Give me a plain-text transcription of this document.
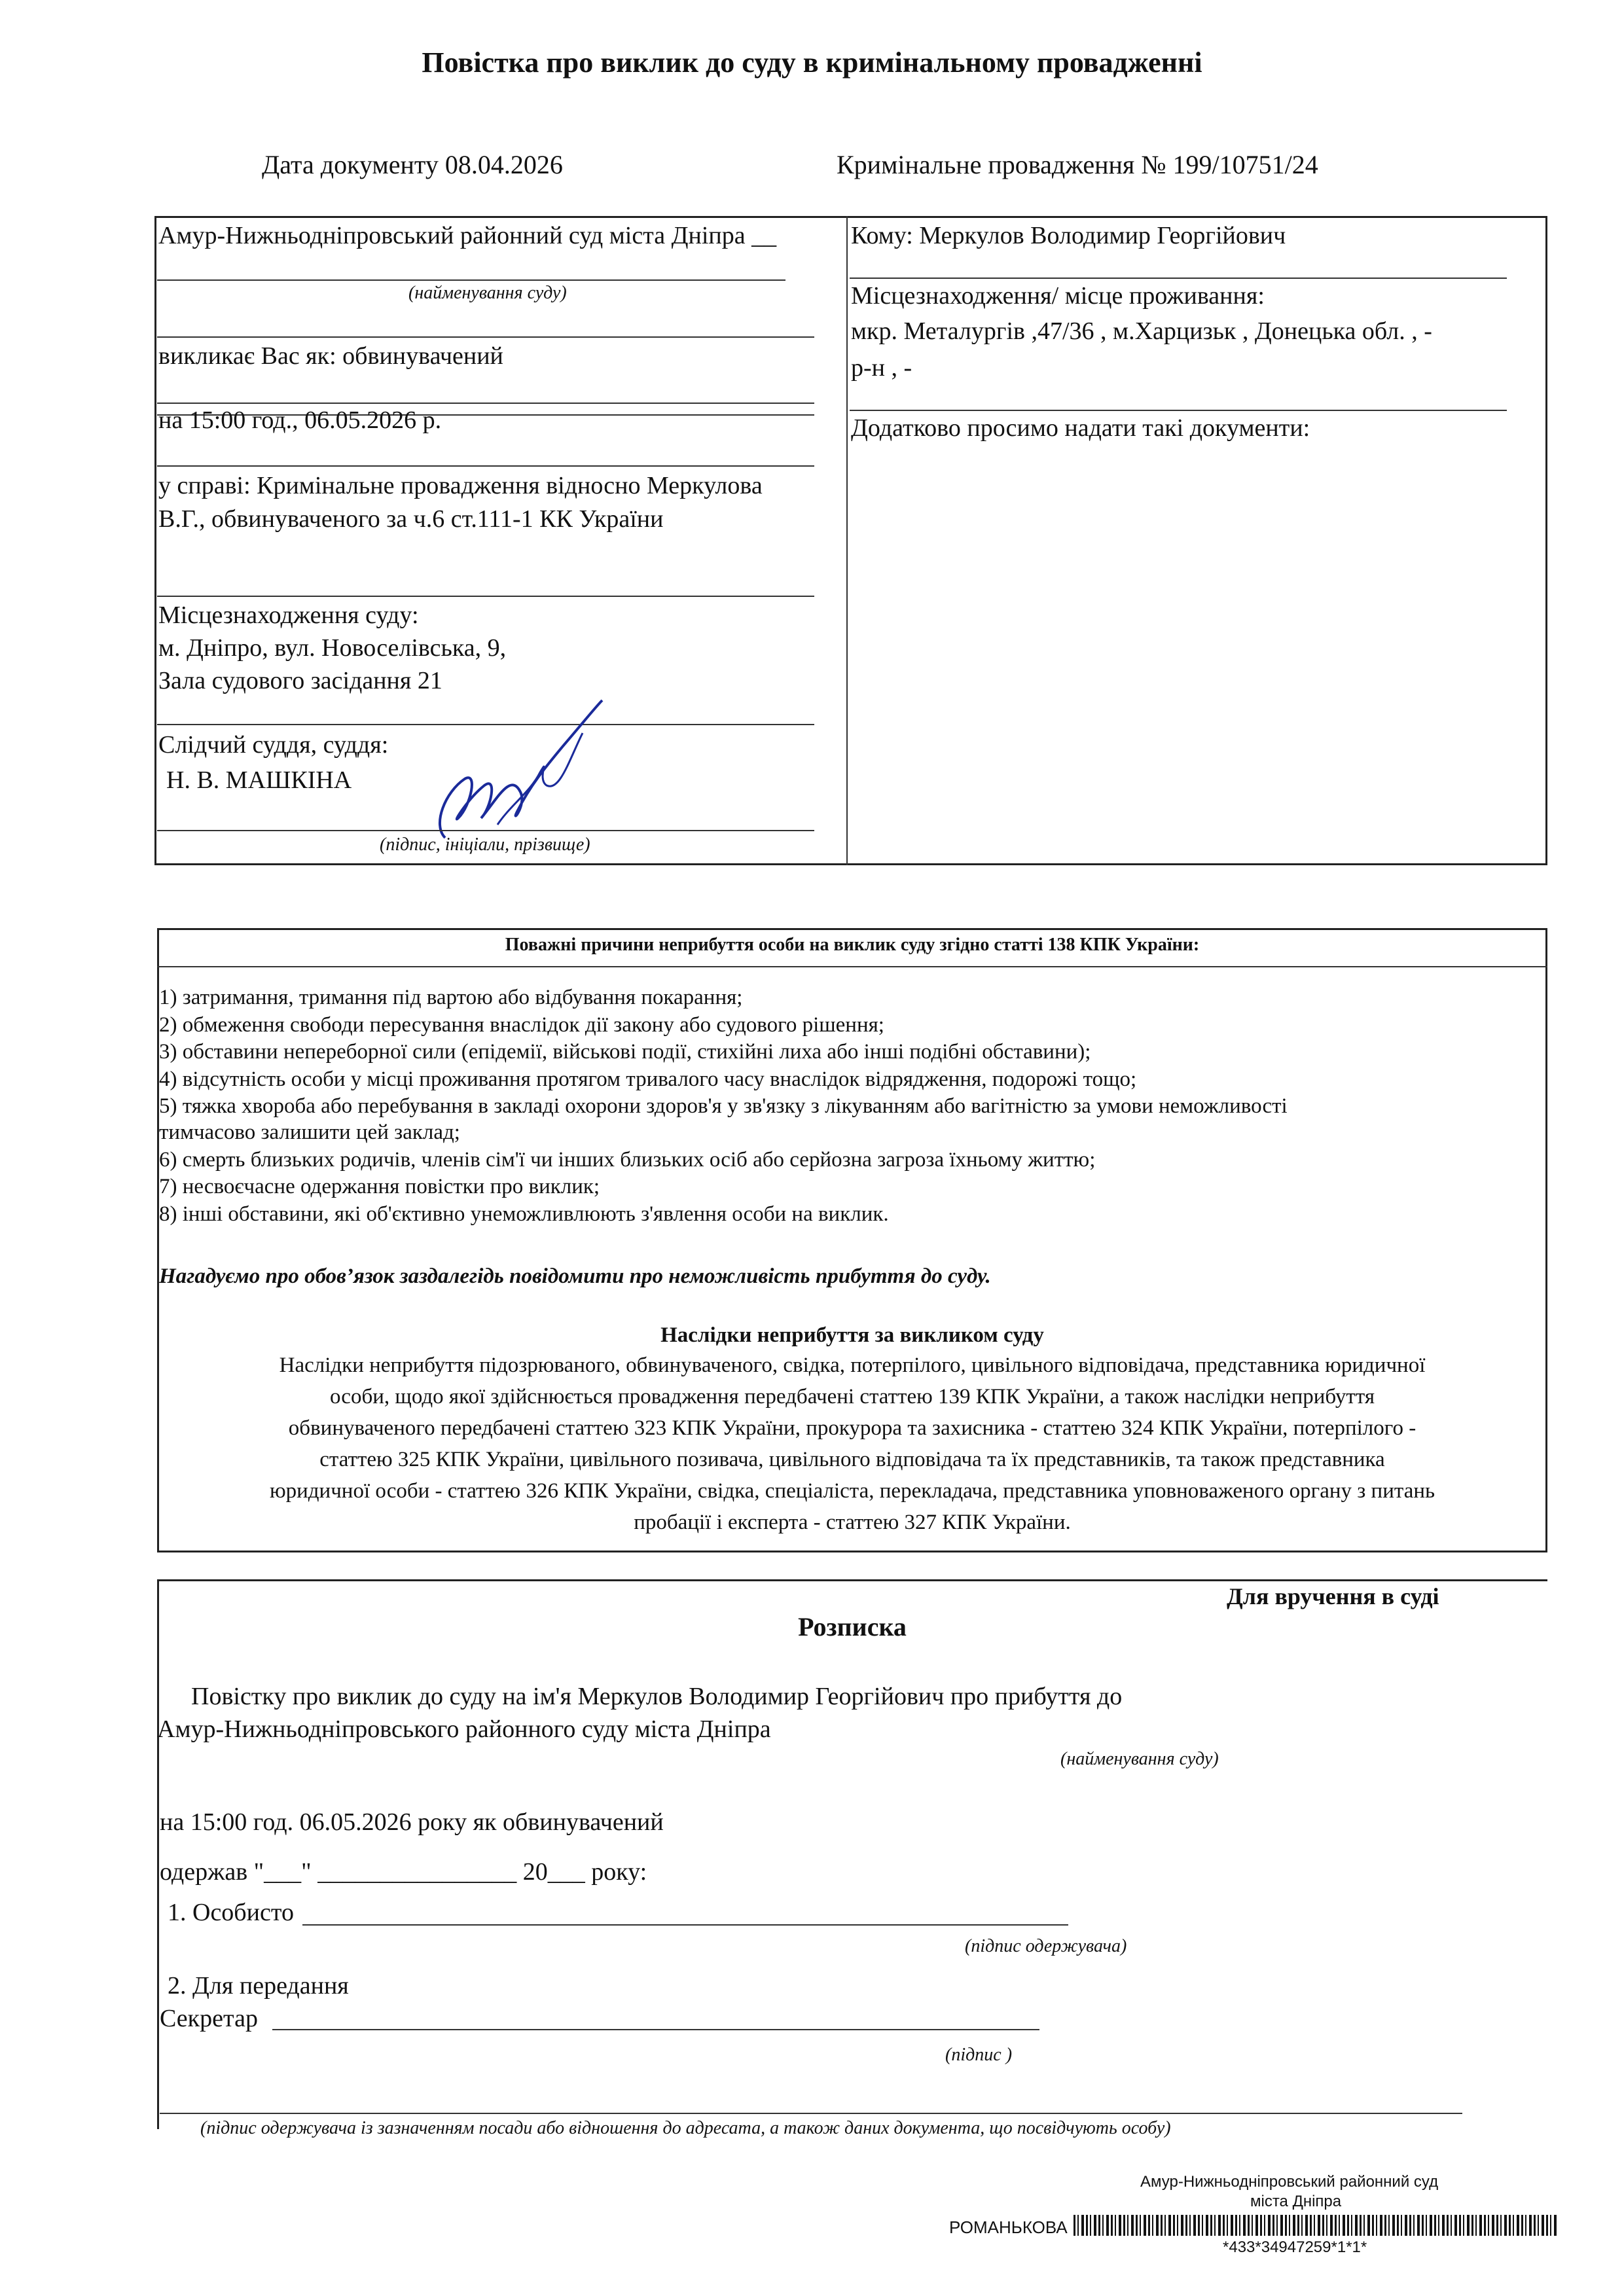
Повістка про виклик до суду в кримінальному провадженні
Дата документу 08.04.2026	Кримінальне провадження № 199/10751/24
Амур-Нижньодніпровський районний суд міста Дніпра __
(найменування суду)
викликає Вас як: обвинувачений
на 15:00 год., 06.05.2026 р.
у справі: Кримінальне провадження відносно Меркулова
В.Г., обвинуваченого за ч.6 ст.111-1 КК України
Місцезнаходження суду:
м. Дніпро, вул. Новоселівська, 9,
Зала судового засідання 21
Слідчий суддя, суддя:
Н. В. МАШКІНА
(підпис, ініціали, прізвище)
Кому: Меркулов Володимир Георгійович
Місцезнаходження/ місце проживання:
мкр. Металургів ,47/36 , м.Харцизьк , Донецька обл. , -
р-н , -
Додатково просимо надати такі документи:
Поважні причини неприбуття особи на виклик суду згідно статті 138 КПК України:
1) затримання, тримання під вартою або відбування покарання;
2) обмеження свободи пересування внаслідок дії закону або судового рішення;
3) обставини непереборної сили (епідемії, військові події, стихійні лиха або інші подібні обставини);
4) відсутність особи у місці проживання протягом тривалого часу внаслідок відрядження, подорожі тощо;
5) тяжка хвороба або перебування в закладі охорони здоров'я у зв'язку з лікуванням або вагітністю за умови неможливості
тимчасово залишити цей заклад;
6) смерть близьких родичів, членів сім'ї чи інших близьких осіб або серйозна загроза їхньому життю;
7) несвоєчасне одержання повістки про виклик;
8) інші обставини, які об'єктивно унеможливлюють з'явлення особи на виклик.
Нагадуємо про обов’язок заздалегідь повідомити про неможливість прибуття до суду.
Наслідки неприбуття за викликом суду
Наслідки неприбуття підозрюваного, обвинуваченого, свідка, потерпілого, цивільного відповідача, представника юридичної
особи, щодо якої здійснюється провадження передбачені статтею 139 КПК України, а також наслідки неприбуття
обвинуваченого передбачені статтею 323 КПК України, прокурора та захисника - статтею 324 КПК України, потерпілого -
статтею 325 КПК України, цивільного позивача, цивільного відповідача та їх представників, та також представника
юридичної особи - статтею 326 КПК України, свідка, спеціаліста, перекладача, представника уповноваженого органу з питань
пробації і експерта - статтею 327 КПК України.
Для вручення в суді
Розписка
Повістку про виклик до суду на ім'я Меркулов Володимир Георгійович про прибуття до
Амур-Нижньодніпровського районного суду міста Дніпра
(найменування суду)
на 15:00 год. 06.05.2026 року як обвинувачений
одержав "___" ________________ 20___ року:
1. Особисто
(підпис одержувача)
2. Для передання
Секретар
(підпис )
(підпис одержувача із зазначенням посади або відношення до адресата, а також даних документа, що посвідчують особу)
Амур-Нижньодніпровський районний суд
міста Дніпра
РОМАНЬКОВА
*433*34947259*1*1*
